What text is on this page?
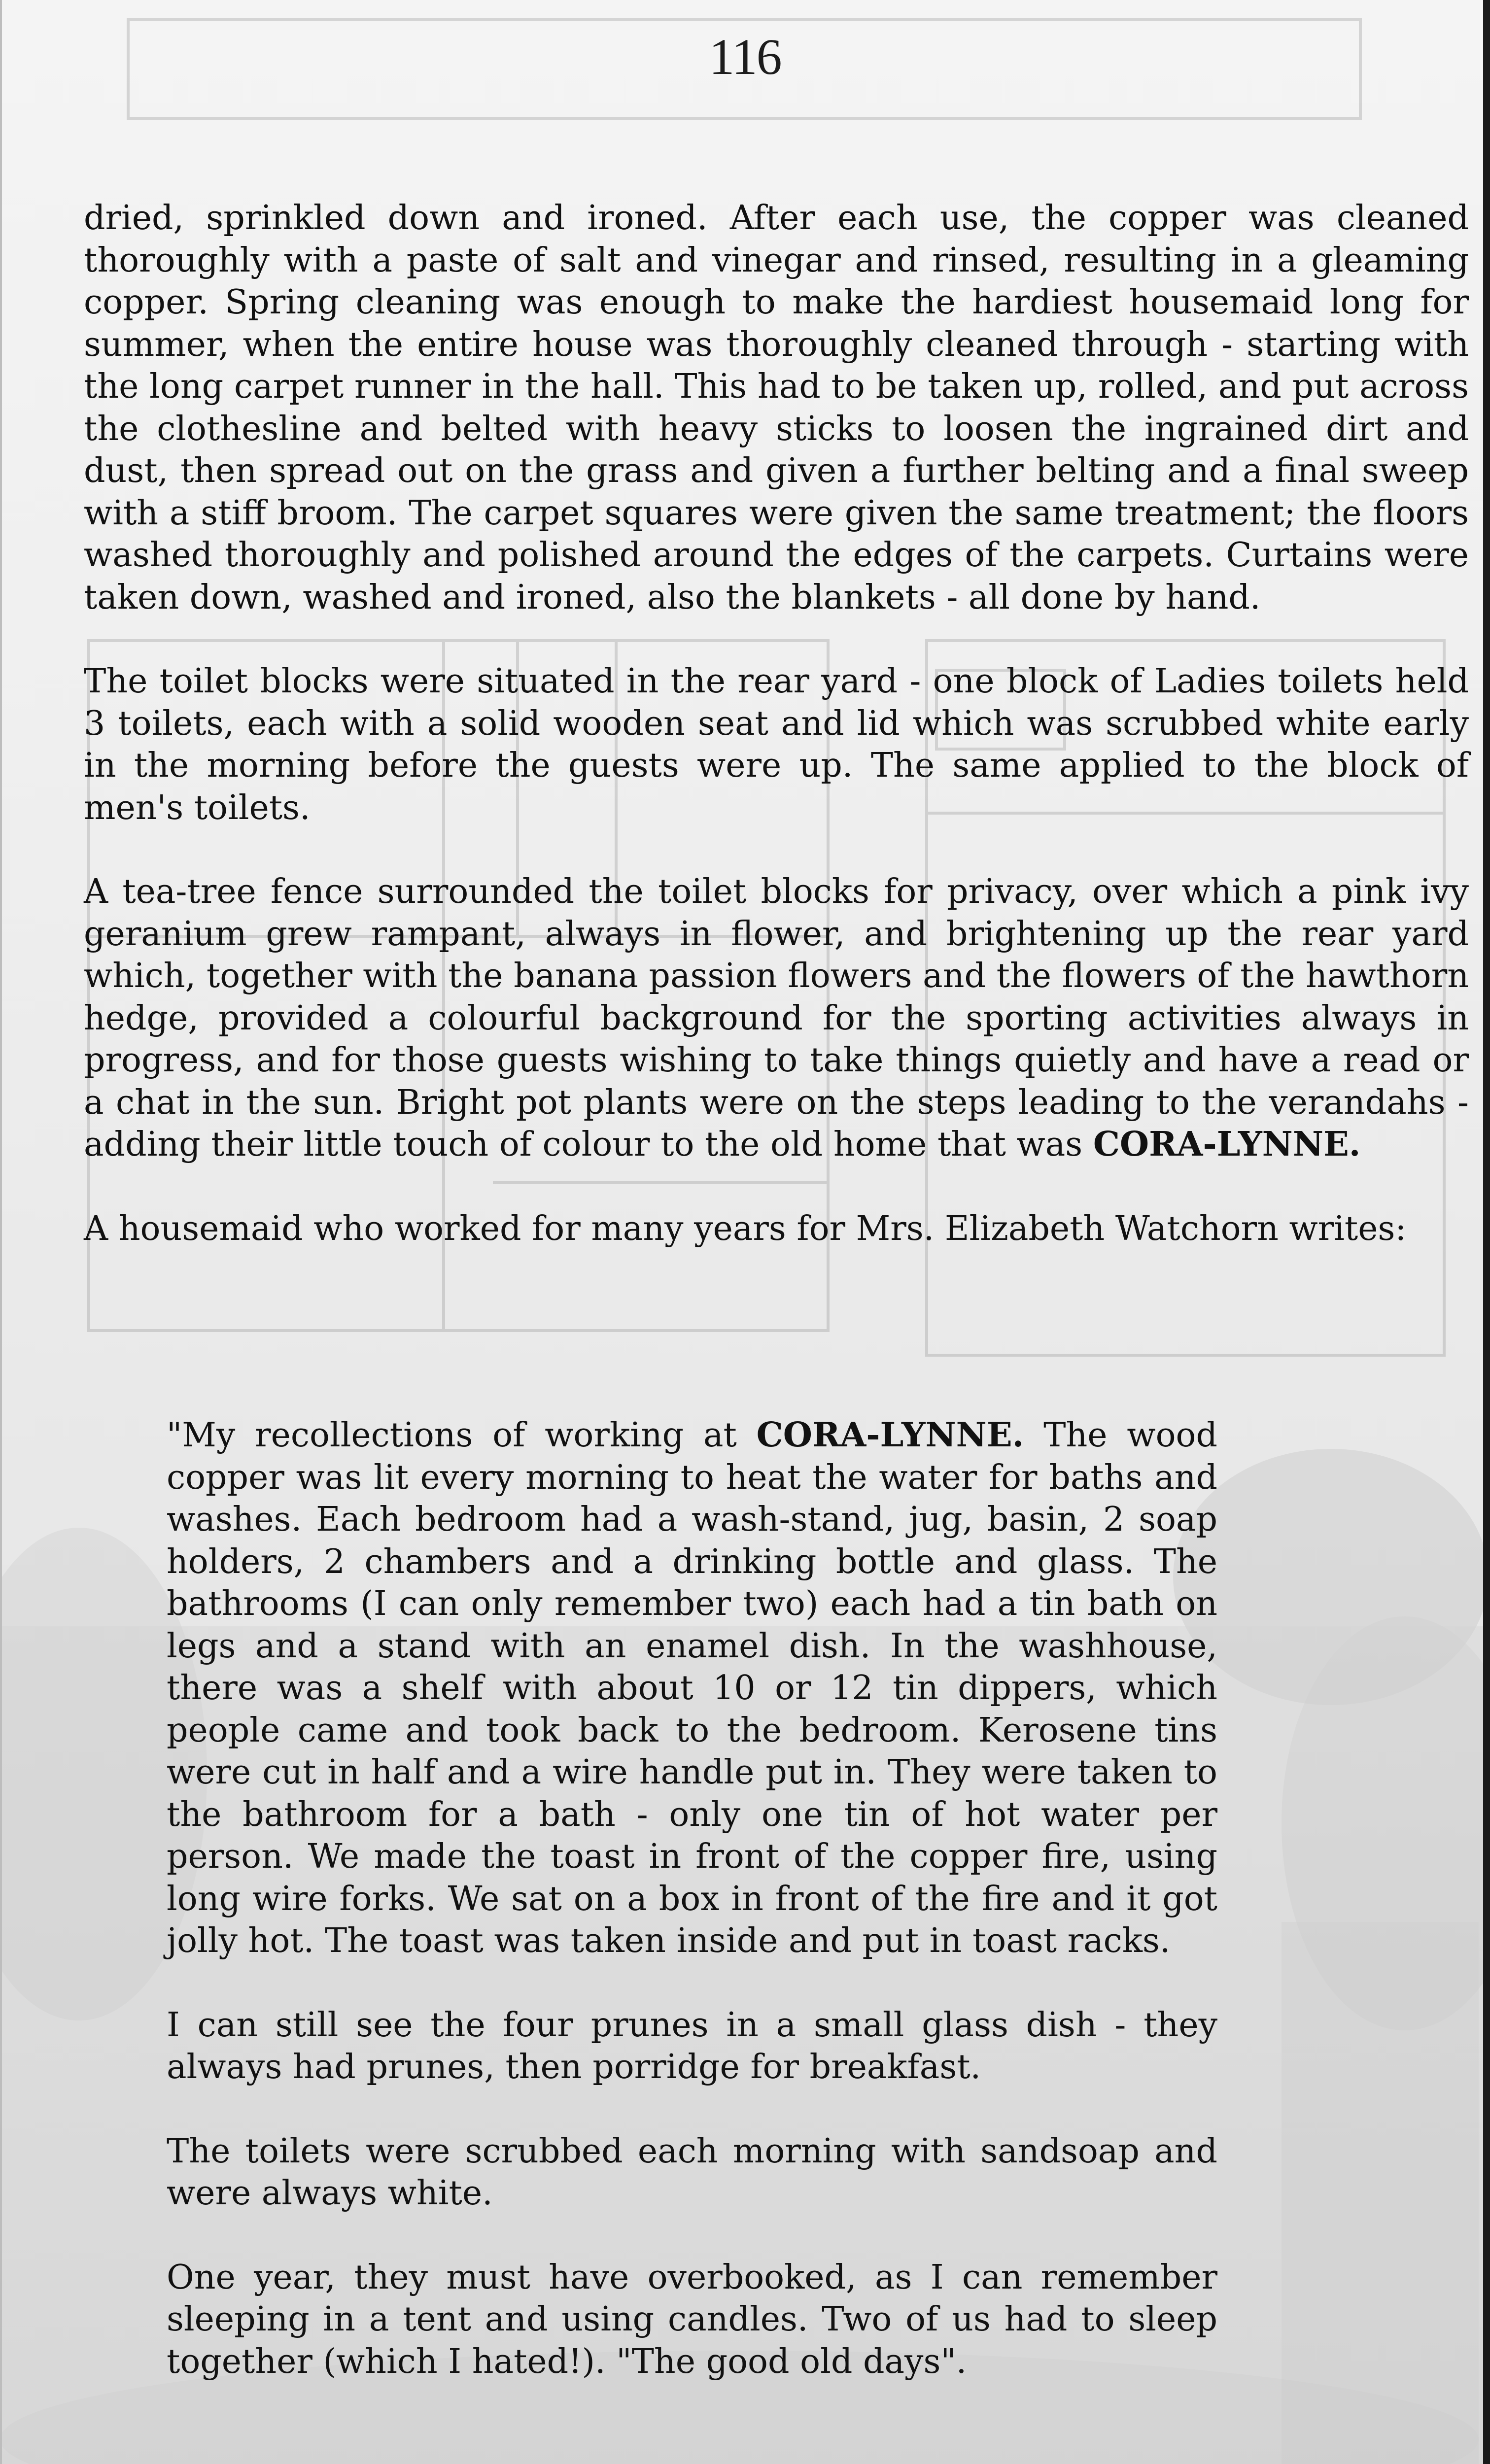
116

dried, sprinkled down and ironed. After each use, the copper was cleaned thoroughly with a paste of salt and vinegar and rinsed, resulting in a gleaming copper. Spring cleaning was enough to make the hardiest housemaid long for summer, when the entire house was thoroughly cleaned through - starting with the long carpet runner in the hall. This had to be taken up, rolled, and put across the clothesline and belted with heavy sticks to loosen the ingrained dirt and dust, then spread out on the grass and given a further belting and a final sweep with a stiff broom. The carpet squares were given the same treatment; the floors washed thoroughly and polished around the edges of the carpets. Curtains were taken down, washed and ironed, also the blankets - all done by hand.

The toilet blocks were situated in the rear yard - one block of Ladies toilets held 3 toilets, each with a solid wooden seat and lid which was scrubbed white early in the morning before the guests were up. The same applied to the block of men's toilets.

A tea-tree fence surrounded the toilet blocks for privacy, over which a pink ivy geranium grew rampant, always in flower, and brightening up the rear yard which, together with the banana passion flowers and the flowers of the hawthorn hedge, provided a colourful background for the sporting activities always in progress, and for those guests wishing to take things quietly and have a read or a chat in the sun. Bright pot plants were on the steps leading to the verandahs - adding their little touch of colour to the old home that was CORA-LYNNE.

A housemaid who worked for many years for Mrs. Elizabeth Watchorn writes:

"My recollections of working at CORA-LYNNE. The wood copper was lit every morning to heat the water for baths and washes. Each bedroom had a wash-stand, jug, basin, 2 soap holders, 2 chambers and a drinking bottle and glass. The bathrooms (I can only remember two) each had a tin bath on legs and a stand with an enamel dish. In the washhouse, there was a shelf with about 10 or 12 tin dippers, which people came and took back to the bedroom. Kerosene tins were cut in half and a wire handle put in. They were taken to the bathroom for a bath - only one tin of hot water per person. We made the toast in front of the copper fire, using long wire forks. We sat on a box in front of the fire and it got jolly hot. The toast was taken inside and put in toast racks.

I can still see the four prunes in a small glass dish - they always had prunes, then porridge for breakfast.

The toilets were scrubbed each morning with sandsoap and were always white.

One year, they must have overbooked, as I can remember sleeping in a tent and using candles. Two of us had to sleep together (which I hated!). "The good old days".
